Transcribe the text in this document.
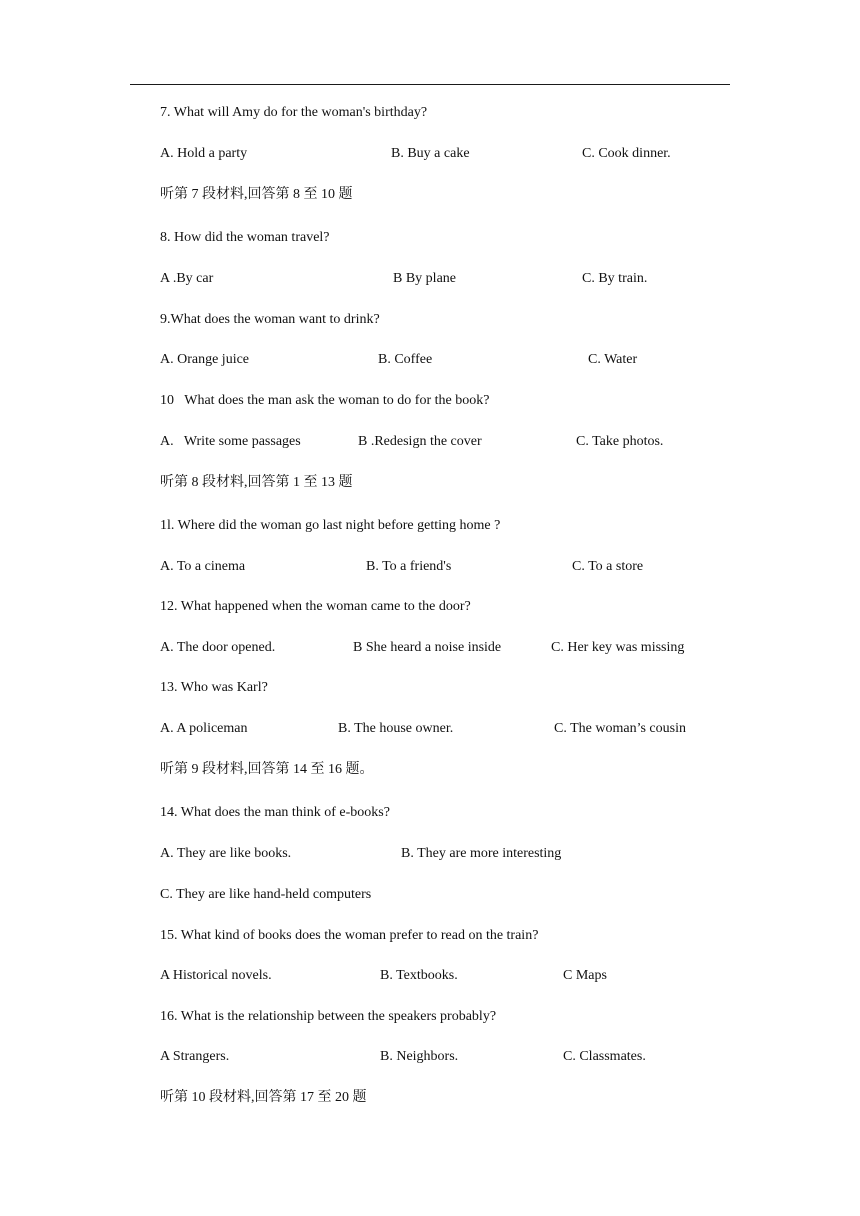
7. What will Amy do for the woman's birthday?

A. Hold a party

	B. Buy a cake

	C. Cook dinner.

听第 7 段材料,回答第 8 至 10 题

8. How did the woman travel?

A .By car

	B By plane

	C. By train.

9.What does the woman want to drink?

A. Orange juice

	B. Coffee

	C. Water

10   What does the man ask the woman to do for the book?

A.   Write some passages

	B .Redesign the cover

	C. Take photos.

听第 8 段材料,回答第 1 至 13 题

1l. Where did the woman go last night before getting home ?

A. To a cinema

	B. To a friend's

	C. To a store

12. What happened when the woman came to the door?

A. The door opened.

	B She heard a noise inside

	C. Her key was missing

13. Who was Karl?

A. A policeman

	B. The house owner.

	C. The woman’s cousin

听第 9 段材料,回答第 14 至 16 题。

14. What does the man think of e-books?

A. They are like books.

	B. They are more interesting

C. They are like hand-held computers

15. What kind of books does the woman prefer to read on the train?

A Historical novels.

	B. Textbooks.

	C Maps

16. What is the relationship between the speakers probably?

A Strangers.

	B. Neighbors.

	C. Classmates.

听第 10 段材料,回答第 17 至 20 题
